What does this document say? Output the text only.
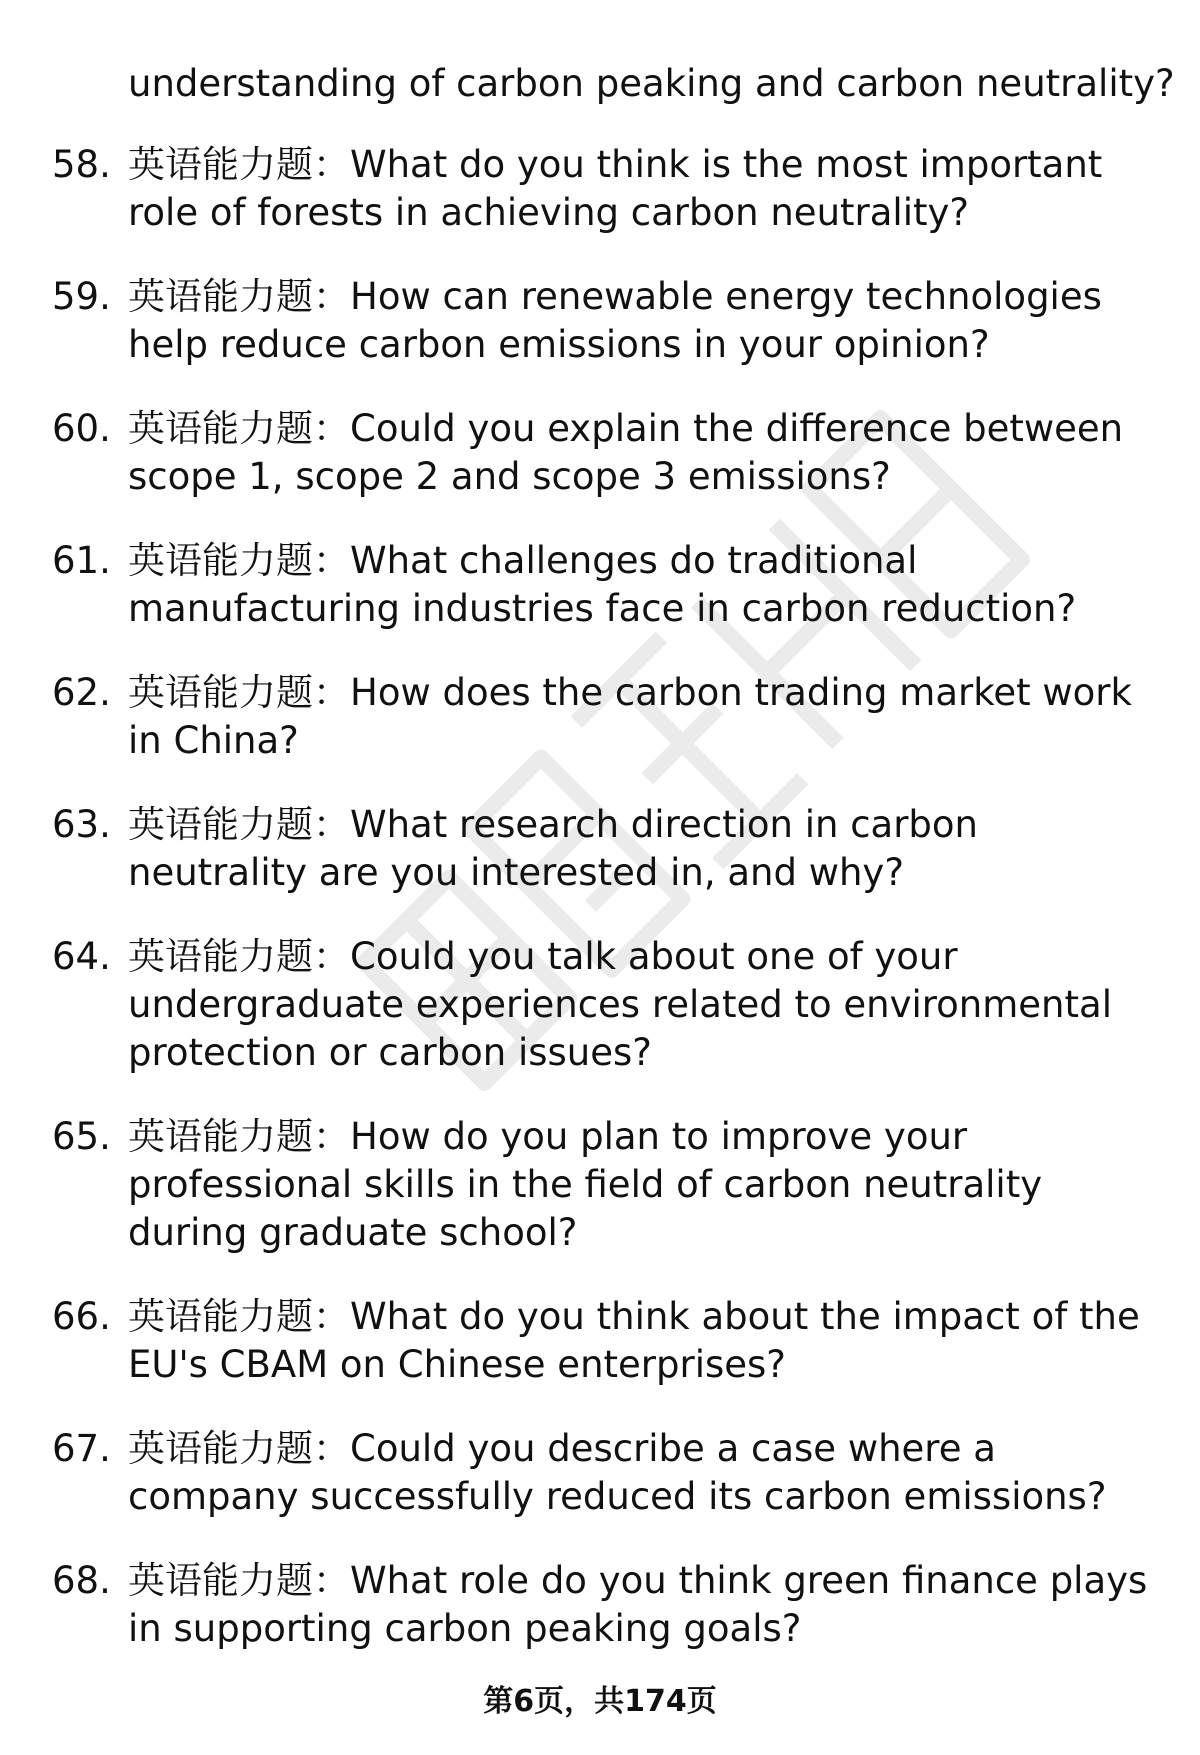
understanding of carbon peaking and carbon neutrality?
58. 英语能力题：What do you think is the most important role of forests in achieving carbon neutrality?
59. 英语能力题：How can renewable energy technologies help reduce carbon emissions in your opinion?
60. 英语能力题：Could you explain the difference between scope 1, scope 2 and scope 3 emissions?
61. 英语能力题：What challenges do traditional manufacturing industries face in carbon reduction?
62. 英语能力题：How does the carbon trading market work in China?
63. 英语能力题：What research direction in carbon neutrality are you interested in, and why?
64. 英语能力题：Could you talk about one of your undergraduate experiences related to environmental protection or carbon issues?
65. 英语能力题：How do you plan to improve your professional skills in the field of carbon neutrality during graduate school?
66. 英语能力题：What do you think about the impact of the EU's CBAM on Chinese enterprises?
67. 英语能力题：Could you describe a case where a company successfully reduced its carbon emissions?
68. 英语能力题：What role do you think green finance plays in supporting carbon peaking goals?
第6页，共174页
